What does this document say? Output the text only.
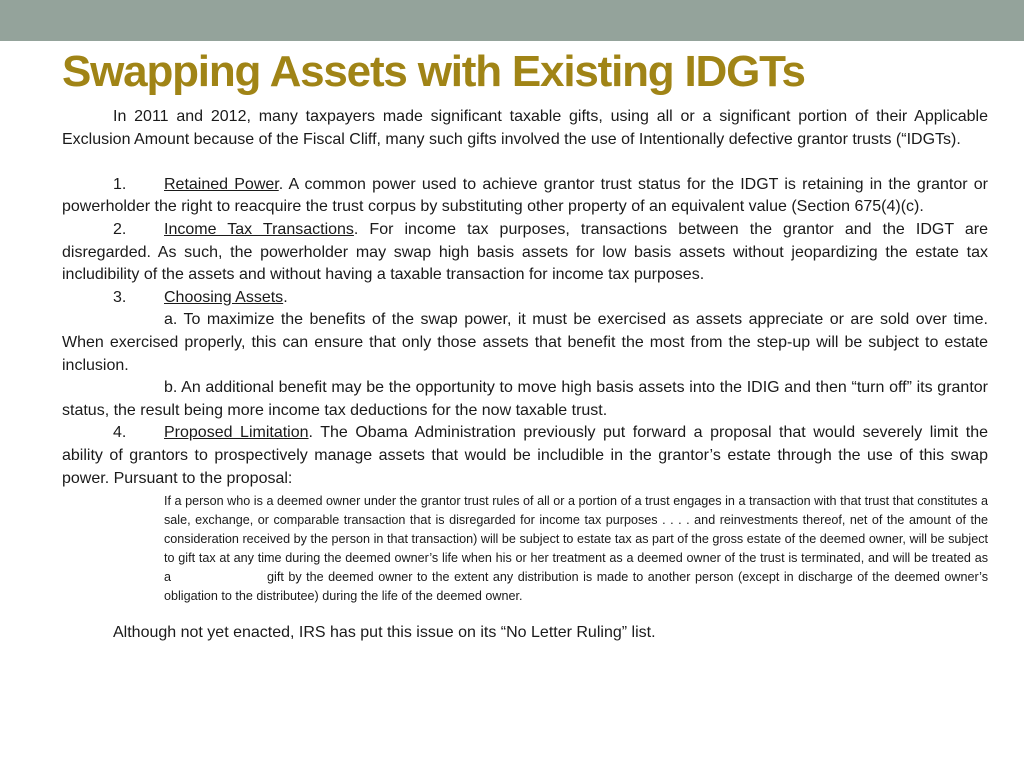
Swapping Assets with Existing IDGTs

In 2011 and 2012, many taxpayers made significant taxable gifts, using all or a significant portion of their Applicable Exclusion Amount because of the Fiscal Cliff, many such gifts involved the use of Intentionally defective grantor trusts (“IDGTs).

1. Retained Power. A common power used to achieve grantor trust status for the IDGT is retaining in the grantor or powerholder the right to reacquire the trust corpus by substituting other property of an equivalent value (Section 675(4)(c).

2. Income Tax Transactions. For income tax purposes, transactions between the grantor and the IDGT are disregarded. As such, the powerholder may swap high basis assets for low basis assets without jeopardizing the estate tax includibility of the assets and without having a taxable transaction for income tax purposes.

3. Choosing Assets.

a. To maximize the benefits of the swap power, it must be exercised as assets appreciate or are sold over time. When exercised properly, this can ensure that only those assets that benefit the most from the step-up will be subject to estate inclusion.

b. An additional benefit may be the opportunity to move high basis assets into the IDIG and then “turn off” its grantor status, the result being more income tax deductions for the now taxable trust.

4. Proposed Limitation. The Obama Administration previously put forward a proposal that would severely limit the ability of grantors to prospectively manage assets that would be includible in the grantor’s estate through the use of this swap power. Pursuant to the proposal:

If a person who is a deemed owner under the grantor trust rules of all or a portion of a trust engages in a transaction with that trust that constitutes a sale, exchange, or comparable transaction that is disregarded for income tax purposes . . . . and reinvestments thereof, net of the amount of the consideration received by the person in that transaction) will be subject to estate tax as part of the gross estate of the deemed owner, will be subject to gift tax at any time during the deemed owner’s life when his or her treatment as a deemed owner of the trust is terminated, and will be treated as a	gift by the deemed owner to the extent any distribution is made to another person (except in discharge of the deemed owner’s obligation to the distributee) during the life of the deemed owner.

Although not yet enacted, IRS has put this issue on its “No Letter Ruling” list.
